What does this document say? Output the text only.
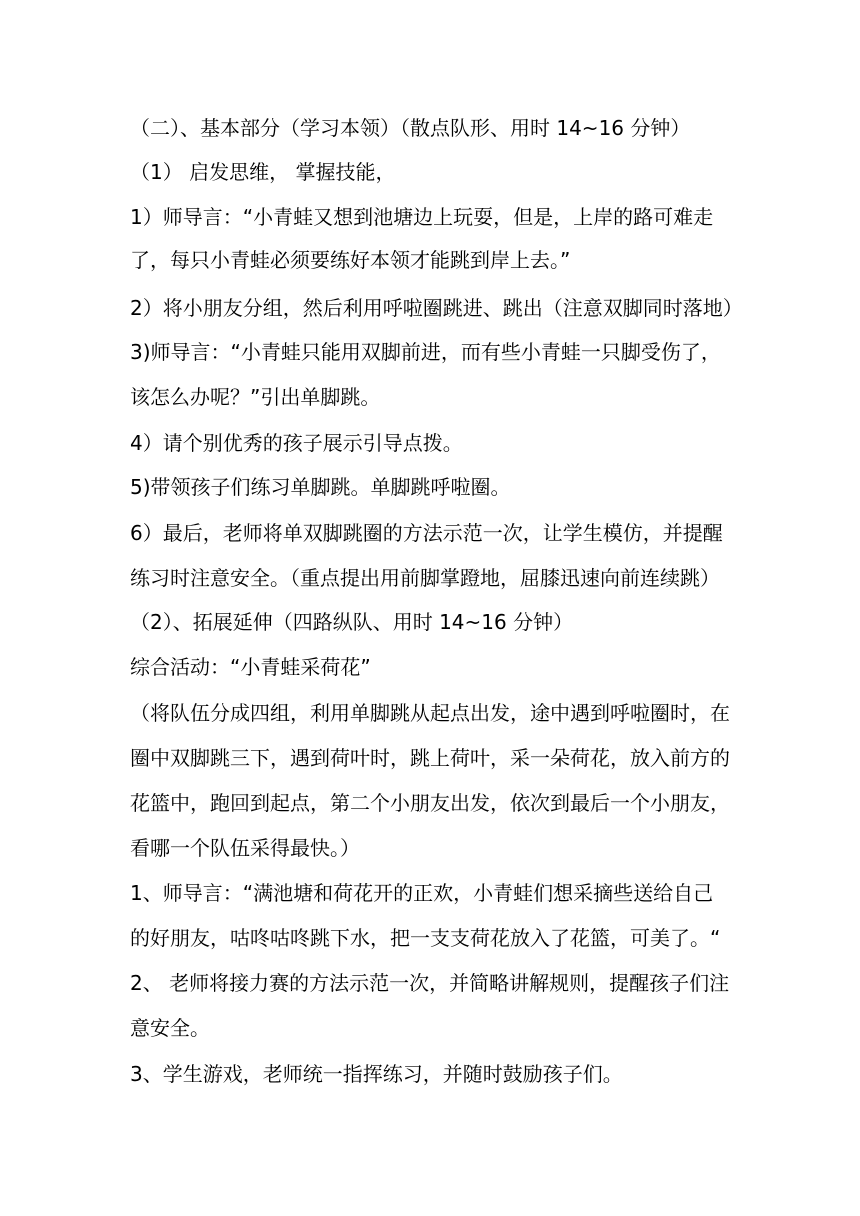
（二）、基本部分（学习本领）（散点队形、用时 14~16 分钟）
（1） 启发思维， 掌握技能，
1）师导言：“小青蛙又想到池塘边上玩耍，但是，上岸的路可难走
了，每只小青蛙必须要练好本领才能跳到岸上去。”
2）将小朋友分组，然后利用呼啦圈跳进、跳出（注意双脚同时落地）
3)师导言：“小青蛙只能用双脚前进，而有些小青蛙一只脚受伤了，
该怎么办呢？”引出单脚跳。
4）请个别优秀的孩子展示引导点拨。
5)带领孩子们练习单脚跳。单脚跳呼啦圈。
6）最后，老师将单双脚跳圈的方法示范一次，让学生模仿，并提醒
练习时注意安全。（重点提出用前脚掌蹬地，屈膝迅速向前连续跳）
（2）、拓展延伸（四路纵队、用时 14~16 分钟）
综合活动：“小青蛙采荷花”
（将队伍分成四组，利用单脚跳从起点出发，途中遇到呼啦圈时，在
圈中双脚跳三下，遇到荷叶时，跳上荷叶，采一朵荷花，放入前方的
花篮中，跑回到起点，第二个小朋友出发，依次到最后一个小朋友，
看哪一个队伍采得最快。）
1、师导言：“满池塘和荷花开的正欢，小青蛙们想采摘些送给自己
的好朋友，咕咚咕咚跳下水，把一支支荷花放入了花篮，可美了。“
2、 老师将接力赛的方法示范一次，并简略讲解规则，提醒孩子们注
意安全。
3、学生游戏，老师统一指挥练习，并随时鼓励孩子们。
